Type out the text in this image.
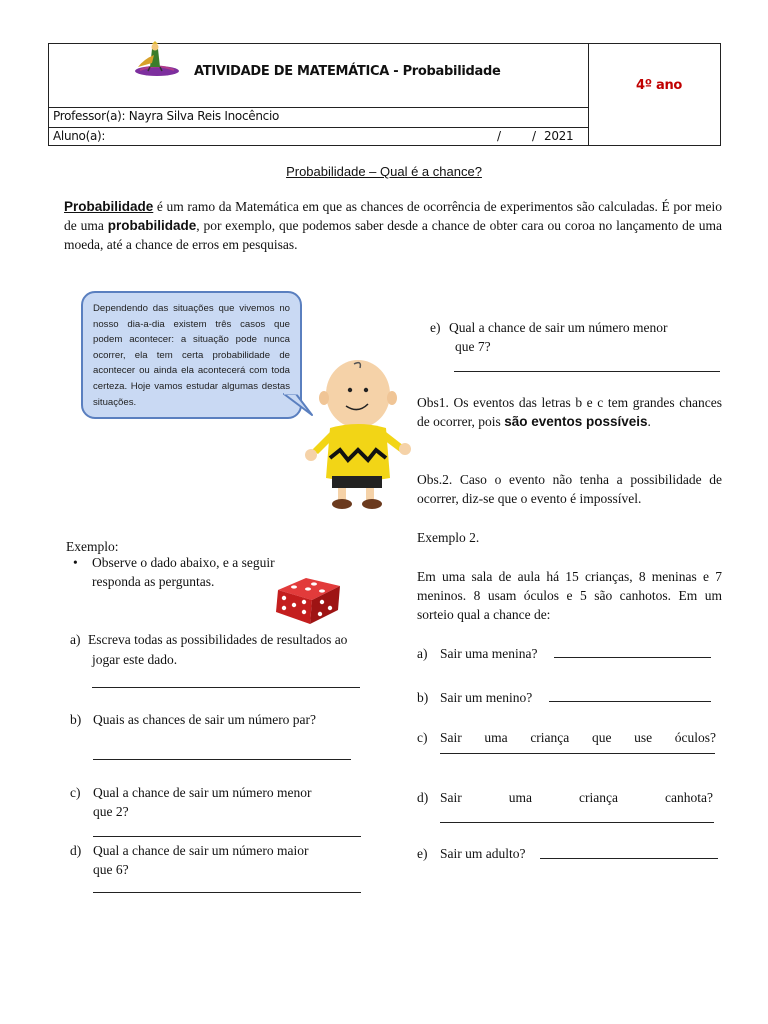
ATIVIDADE DE MATEMÁTICA - Probabilidade
4º ano
Professor(a): Nayra Silva Reis Inocêncio
Aluno(a):	/	/ 2021
Probabilidade – Qual é a chance?
Probabilidade é um ramo da Matemática em que as chances de ocorrência de experimentos são calculadas. É por meio de uma probabilidade, por exemplo, que podemos saber desde a chance de obter cara ou coroa no lançamento de uma moeda, até a chance de erros em pesquisas.
Dependendo das situações que vivemos no nosso dia-a-dia existem três casos que podem acontecer: a situação pode nunca ocorrer, ela tem certa probabilidade de acontecer ou ainda ela acontecerá com toda certeza. Hoje vamos estudar algumas destas situações.
Exemplo:
• Observe o dado abaixo, e a seguir
responda as perguntas.
a) Escreva todas as possibilidades de resultados ao
jogar este dado.
b) Quais as chances de sair um número par?
c) Qual a chance de sair um número menor
que 2?
d) Qual a chance de sair um número maior
que 6?
e) Qual a chance de sair um número menor
que 7?
Obs1. Os eventos das letras b e c tem grandes chances de ocorrer, pois são eventos possíveis.
Obs.2. Caso o evento não tenha a possibilidade de ocorrer, diz-se que o evento é impossível.
Exemplo 2.
Em uma sala de aula há 15 crianças, 8 meninas e 7 meninos. 8 usam óculos e 5 são canhotos. Em um sorteio qual a chance de:
a) Sair uma menina?
b) Sair um menino?
c) Sair uma criança que use óculos?
d) Sair uma criança canhota?
e) Sair um adulto?
